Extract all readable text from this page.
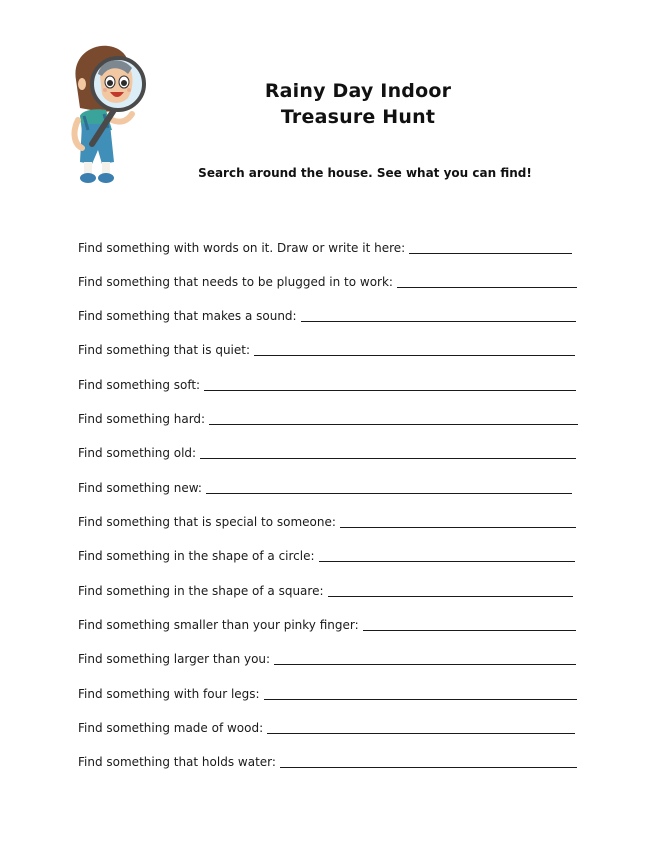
Rainy Day Indoor
Treasure Hunt
Search around the house. See what you can find!
Find something with words on it. Draw or write it here:
Find something that needs to be plugged in to work:
Find something that makes a sound:
Find something that is quiet:
Find something soft:
Find something hard:
Find something old:
Find something new:
Find something that is special to someone:
Find something in the shape of a circle:
Find something in the shape of a square:
Find something smaller than your pinky finger:
Find something larger than you:
Find something with four legs:
Find something made of wood:
Find something that holds water:
